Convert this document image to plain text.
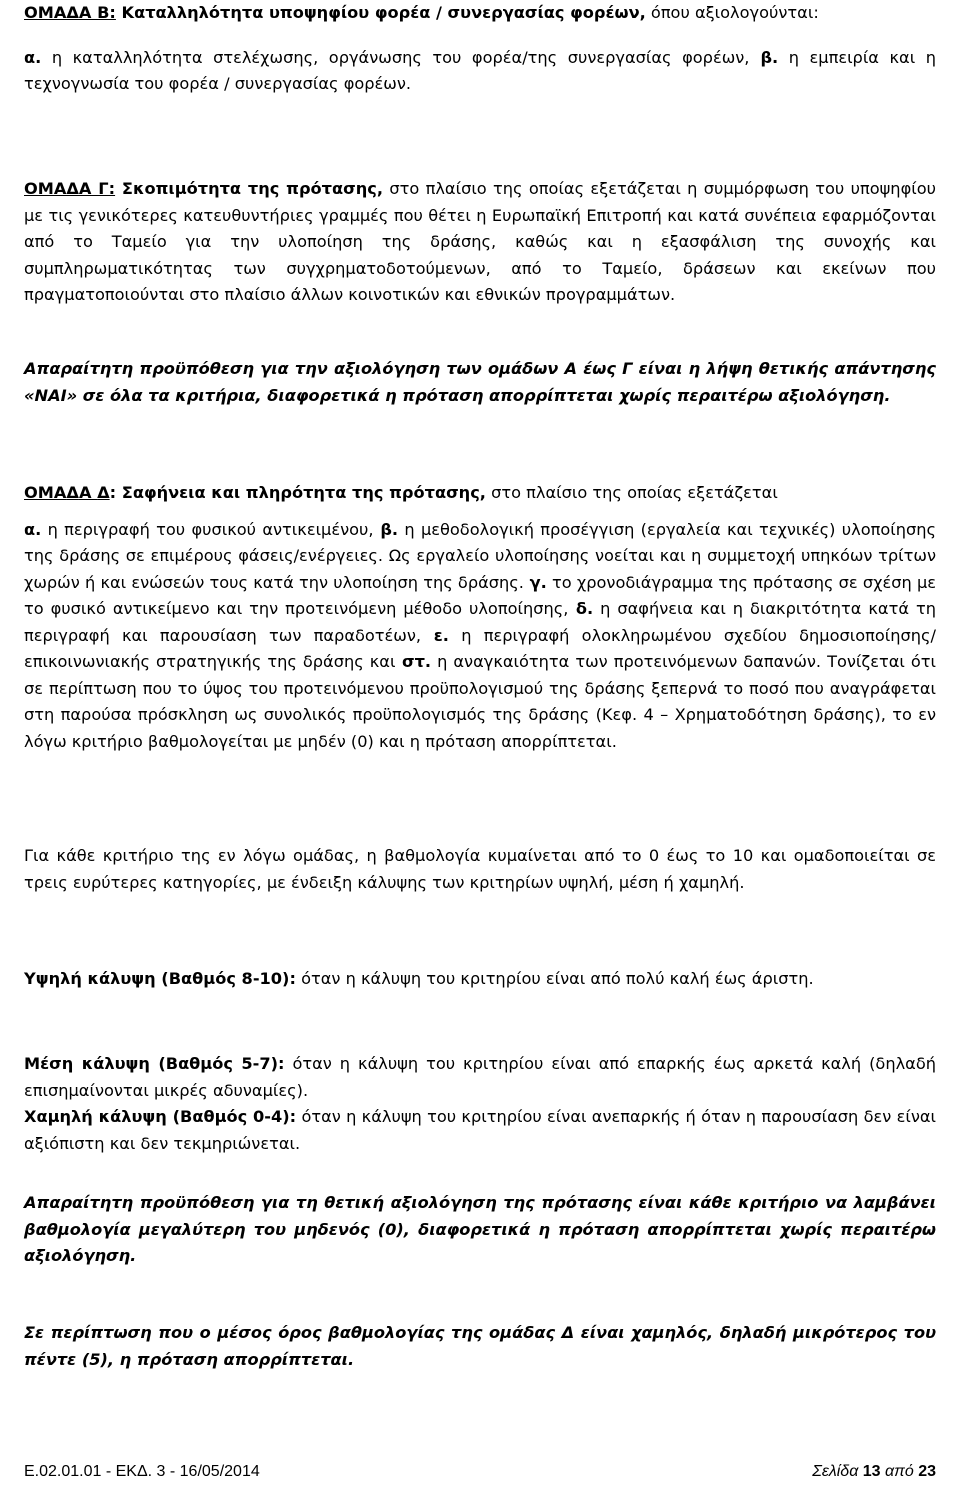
ΟΜΑΔΑ Β: Καταλληλότητα υποψηφίου φορέα / συνεργασίας φορέων, όπου αξιολογούνται:

α. η καταλληλότητα στελέχωσης, οργάνωσης του φορέα/της συνεργασίας φορέων, β. η εμπειρία και η τεχνογνωσία του φορέα / συνεργασίας φορέων.

ΟΜΑΔΑ Γ: Σκοπιμότητα της πρότασης, στο πλαίσιο της οποίας εξετάζεται η συμμόρφωση του υποψηφίου με τις γενικότερες κατευθυντήριες γραμμές που θέτει η Ευρωπαϊκή Επιτροπή και κατά συνέπεια εφαρμόζονται από το Ταμείο για την υλοποίηση της δράσης, καθώς και η εξασφάλιση της συνοχής και συμπληρωματικότητας των συγχρηματοδοτούμενων, από το Ταμείο, δράσεων και εκείνων που πραγματοποιούνται στο πλαίσιο άλλων κοινοτικών και εθνικών προγραμμάτων.

Απαραίτητη προϋπόθεση για την αξιολόγηση των ομάδων Α έως Γ είναι η λήψη θετικής απάντησης «ΝΑΙ» σε όλα τα κριτήρια, διαφορετικά η πρόταση απορρίπτεται χωρίς περαιτέρω αξιολόγηση.

ΟΜΑΔΑ Δ: Σαφήνεια και πληρότητα της πρότασης, στο πλαίσιο της οποίας εξετάζεται

α. η περιγραφή του φυσικού αντικειμένου, β. η μεθοδολογική προσέγγιση (εργαλεία και τεχνικές) υλοποίησης της δράσης σε επιμέρους φάσεις/ενέργειες. Ως εργαλείο υλοποίησης νοείται και η συμμετοχή υπηκόων τρίτων χωρών ή και ενώσεών τους κατά την υλοποίηση της δράσης. γ. το χρονοδιάγραμμα της πρότασης σε σχέση με το φυσικό αντικείμενο και την προτεινόμενη μέθοδο υλοποίησης, δ. η σαφήνεια και η διακριτότητα κατά τη περιγραφή και παρουσίαση των παραδοτέων, ε. η περιγραφή ολοκληρωμένου σχεδίου δημοσιοποίησης/επικοινωνιακής στρατηγικής της δράσης και στ. η αναγκαιότητα των προτεινόμενων δαπανών. Τονίζεται ότι σε περίπτωση που το ύψος του προτεινόμενου προϋπολογισμού της δράσης ξεπερνά το ποσό που αναγράφεται στη παρούσα πρόσκληση ως συνολικός προϋπολογισμός της δράσης (Κεφ. 4 – Χρηματοδότηση δράσης), το εν λόγω κριτήριο βαθμολογείται με μηδέν (0) και η πρόταση απορρίπτεται.

Για κάθε κριτήριο της εν λόγω ομάδας, η βαθμολογία κυμαίνεται από το 0 έως το 10 και ομαδοποιείται σε τρεις ευρύτερες κατηγορίες, με ένδειξη κάλυψης των κριτηρίων υψηλή, μέση ή χαμηλή.

Υψηλή κάλυψη (Βαθμός 8-10): όταν η κάλυψη του κριτηρίου είναι από πολύ καλή έως άριστη.

Μέση κάλυψη (Βαθμός 5-7): όταν η κάλυψη του κριτηρίου είναι από επαρκής έως αρκετά καλή (δηλαδή επισημαίνονται μικρές αδυναμίες).

Χαμηλή κάλυψη (Βαθμός 0-4): όταν η κάλυψη του κριτηρίου είναι ανεπαρκής ή όταν η παρουσίαση δεν είναι αξιόπιστη και δεν τεκμηριώνεται.

Απαραίτητη προϋπόθεση για τη θετική αξιολόγηση της πρότασης είναι κάθε κριτήριο να λαμβάνει βαθμολογία μεγαλύτερη του μηδενός (0), διαφορετικά η πρόταση απορρίπτεται χωρίς περαιτέρω αξιολόγηση.

Σε περίπτωση που ο μέσος όρος βαθμολογίας της ομάδας Δ είναι χαμηλός, δηλαδή μικρότερος του πέντε (5), η πρόταση απορρίπτεται.

Ε.02.01.01 - ΕΚΔ. 3 - 16/05/2014	Σελίδα 13 από 23
